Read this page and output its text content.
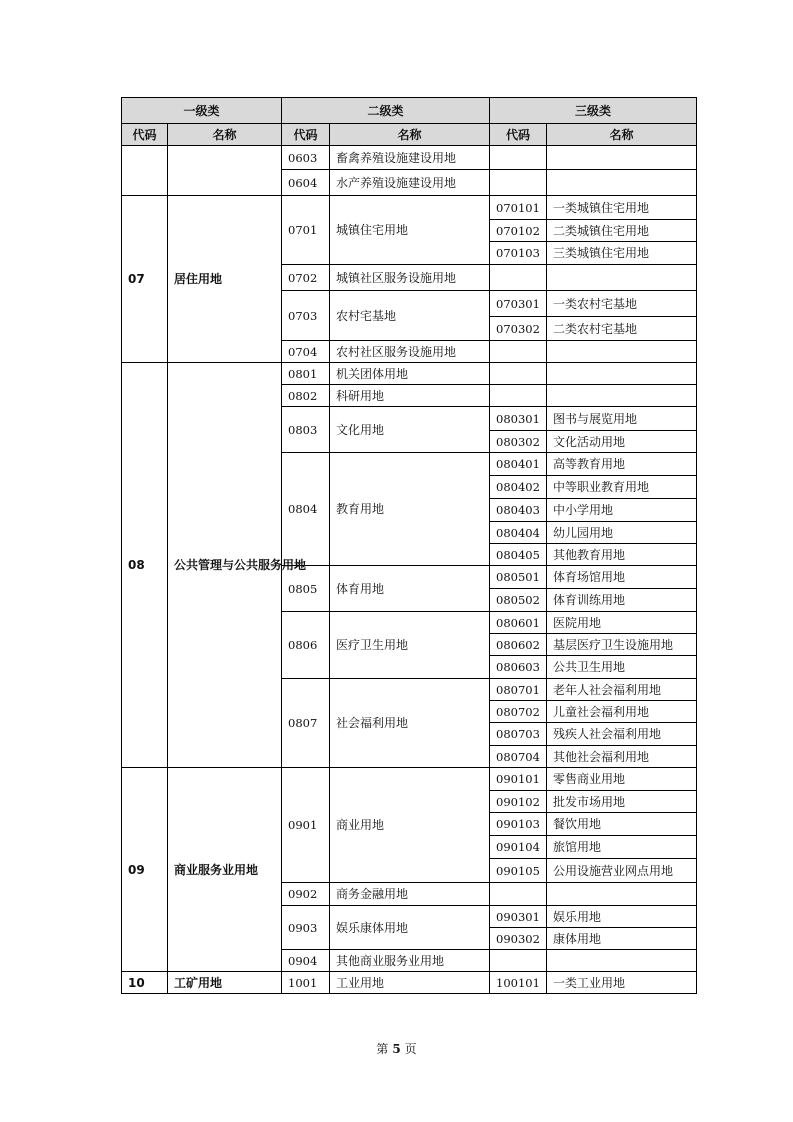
一级类		二级类		三级类	
代码	名称	代码	名称	代码	名称
		0603	畜禽养殖设施建设用地		
		0604	水产养殖设施建设用地		
07	居住用地	0701	城镇住宅用地	070101	一类城镇住宅用地
				070102	二类城镇住宅用地
				070103	三类城镇住宅用地
		0702	城镇社区服务设施用地		
		0703	农村宅基地	070301	一类农村宅基地
				070302	二类农村宅基地
		0704	农村社区服务设施用地		
08	公共管理与公共服务用地	0801	机关团体用地		
		0802	科研用地		
		0803	文化用地	080301	图书与展览用地
				080302	文化活动用地
		0804	教育用地	080401	高等教育用地
				080402	中等职业教育用地
				080403	中小学用地
				080404	幼儿园用地
				080405	其他教育用地
		0805	体育用地	080501	体育场馆用地
				080502	体育训练用地
		0806	医疗卫生用地	080601	医院用地
				080602	基层医疗卫生设施用地
				080603	公共卫生用地
		0807	社会福利用地	080701	老年人社会福利用地
				080702	儿童社会福利用地
				080703	残疾人社会福利用地
				080704	其他社会福利用地
09	商业服务业用地	0901	商业用地	090101	零售商业用地
				090102	批发市场用地
				090103	餐饮用地
				090104	旅馆用地
				090105	公用设施营业网点用地
		0902	商务金融用地		
		0903	娱乐康体用地	090301	娱乐用地
				090302	康体用地
		0904	其他商业服务业用地		
10	工矿用地	1001	工业用地	100101	一类工业用地
第 5 页
